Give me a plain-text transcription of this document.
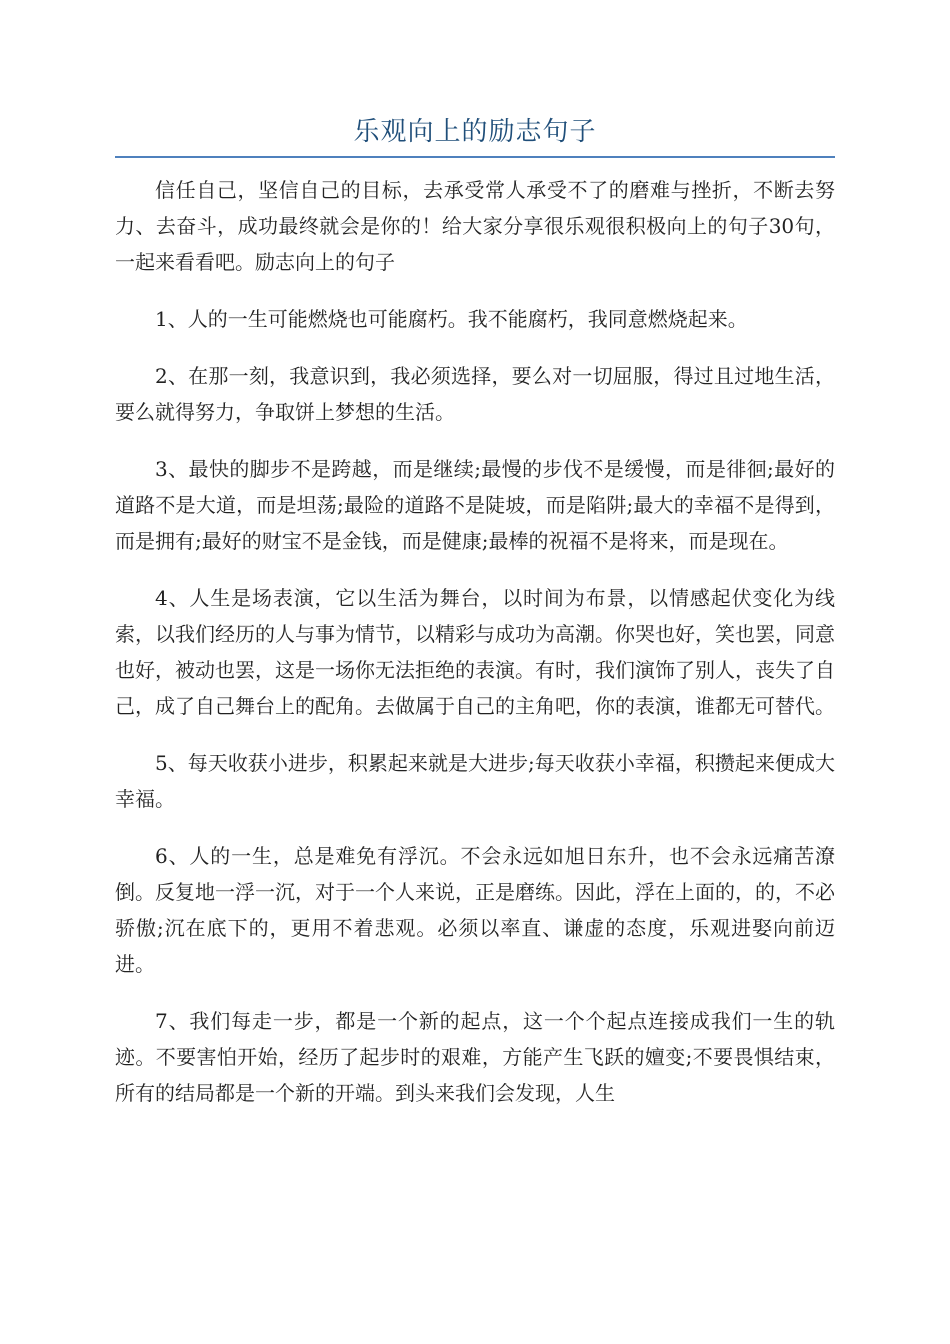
乐观向上的励志句子

信任自己，坚信自己的目标，去承受常人承受不了的磨难与挫折，不断去努力、去奋斗，成功最终就会是你的！给大家分享很乐观很积极向上的句子30句，一起来看看吧。励志向上的句子

1、人的一生可能燃烧也可能腐朽。我不能腐朽，我同意燃烧起来。

2、在那一刻，我意识到，我必须选择，要么对一切屈服，得过且过地生活，要么就得努力，争取饼上梦想的生活。

3、最快的脚步不是跨越，而是继续;最慢的步伐不是缓慢，而是徘徊;最好的道路不是大道，而是坦荡;最险的道路不是陡坡，而是陷阱;最大的幸福不是得到，而是拥有;最好的财宝不是金钱，而是健康;最棒的祝福不是将来，而是现在。

4、人生是场表演，它以生活为舞台，以时间为布景，以情感起伏变化为线索，以我们经历的人与事为情节，以精彩与成功为高潮。你哭也好，笑也罢，同意也好，被动也罢，这是一场你无法拒绝的表演。有时，我们演饰了别人，丧失了自己，成了自己舞台上的配角。去做属于自己的主角吧，你的表演，谁都无可替代。

5、每天收获小进步，积累起来就是大进步;每天收获小幸福，积攒起来便成大幸福。

6、人的一生，总是难免有浮沉。不会永远如旭日东升，也不会永远痛苦潦倒。反复地一浮一沉，对于一个人来说，正是磨练。因此，浮在上面的，的，不必骄傲;沉在底下的，更用不着悲观。必须以率直、谦虚的态度，乐观进娶向前迈进。

7、我们每走一步，都是一个新的起点，这一个个起点连接成我们一生的轨迹。不要害怕开始，经历了起步时的艰难，方能产生飞跃的嬗变;不要畏惧结束，所有的结局都是一个新的开端。到头来我们会发现，人生
